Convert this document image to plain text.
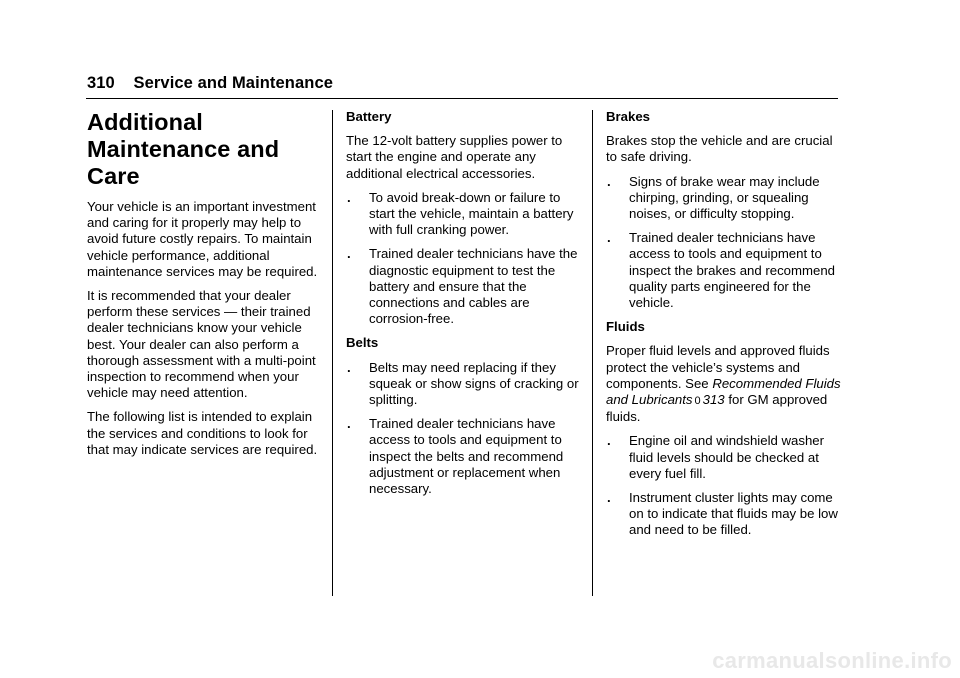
310 Service and Maintenance
Additional
Maintenance and Care

Your vehicle is an important investment and caring for it properly may help to avoid future costly repairs. To maintain vehicle performance, additional maintenance services may be required.

It is recommended that your dealer perform these services — their trained dealer technicians know your vehicle best. Your dealer can also perform a thorough assessment with a multi-point inspection to recommend when your vehicle may need attention.

The following list is intended to explain the services and conditions to look for that may indicate services are required.

Battery

The 12-volt battery supplies power to start the engine and operate any additional electrical accessories.

. To avoid break-down or failure to start the vehicle, maintain a battery with full cranking power.
. Trained dealer technicians have the diagnostic equipment to test the battery and ensure that the connections and cables are corrosion-free.

Belts

. Belts may need replacing if they squeak or show signs of cracking or splitting.
. Trained dealer technicians have access to tools and equipment to inspect the belts and recommend adjustment or replacement when necessary.

Brakes

Brakes stop the vehicle and are crucial to safe driving.

. Signs of brake wear may include chirping, grinding, or squealing noises, or difficulty stopping.
. Trained dealer technicians have access to tools and equipment to inspect the brakes and recommend quality parts engineered for the vehicle.

Fluids

Proper fluid levels and approved fluids protect the vehicle’s systems and components. See Recommended Fluids and Lubricants 0 313 for GM approved fluids.

. Engine oil and windshield washer fluid levels should be checked at every fuel fill.
. Instrument cluster lights may come on to indicate that fluids may be low and need to be filled.
carmanualsonline.info
